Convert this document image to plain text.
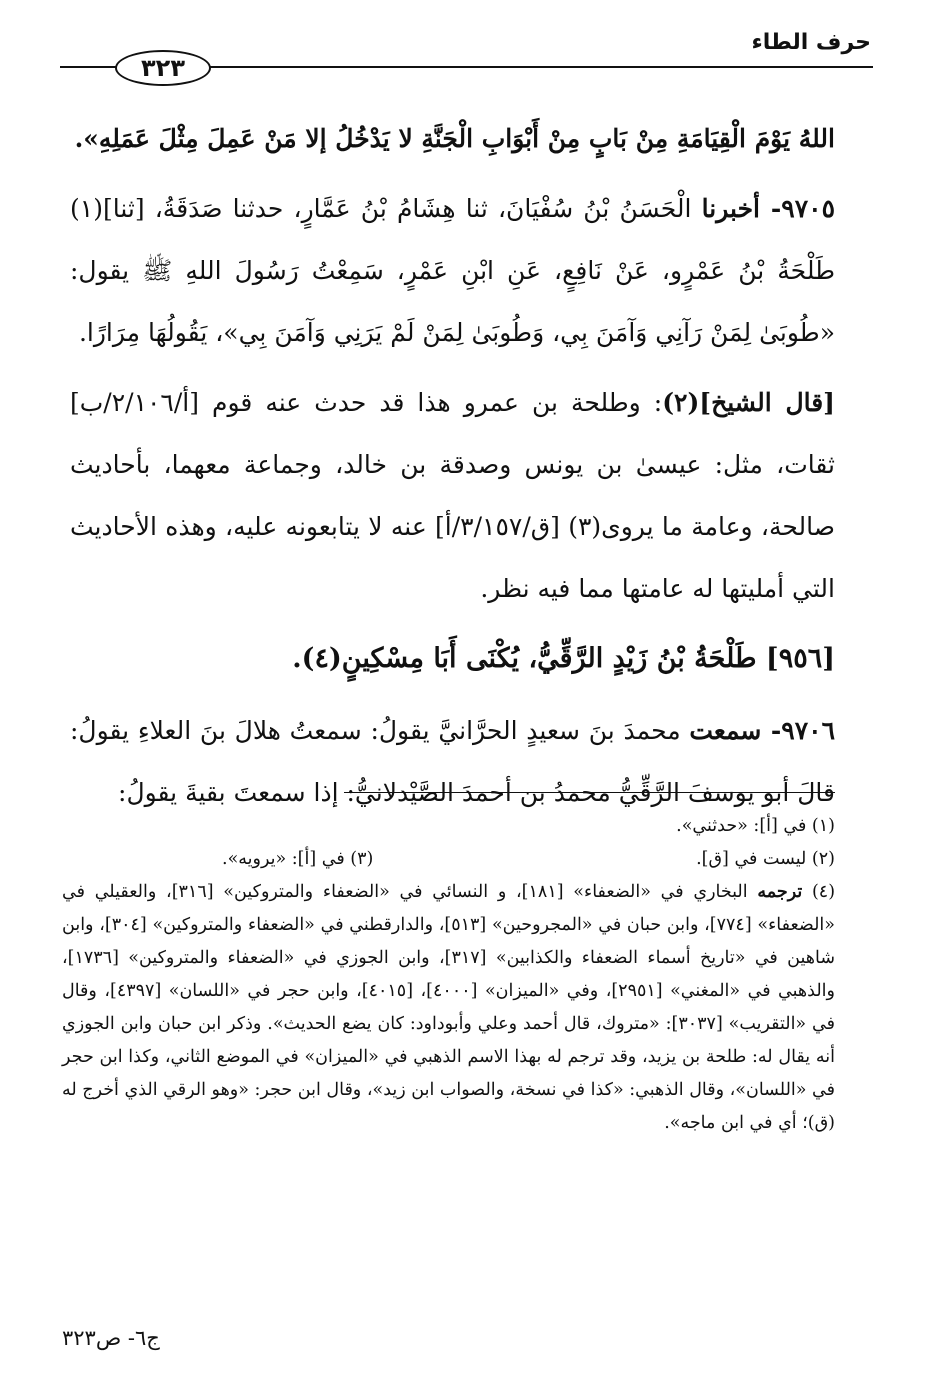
حرف الطاء
٣٢٣

اللهُ يَوْمَ الْقِيَامَةِ مِنْ بَابٍ مِنْ أَبْوَابِ الْجَنَّةِ لا يَدْخُلُ إلا مَنْ عَمِلَ مِثْلَ عَمَلِهِ».

٩٧٠٥- أخبرنا الْحَسَنُ بْنُ سُفْيَانَ، ثنا هِشَامُ بْنُ عَمَّارٍ، حدثنا صَدَقَةُ، [ثنا](١) طَلْحَةُ بْنُ عَمْرٍو، عَنْ نَافِعٍ، عَنِ ابْنِ عَمْرٍ، سَمِعْتُ رَسُولَ اللهِ ﷺ يقول: «طُوبَىٰ لِمَنْ رَآنِي وَآمَنَ بِي، وَطُوبَىٰ لِمَنْ لَمْ يَرَنِي وَآمَنَ بِي»، يَقُولُهَا مِرَارًا.

[قال الشيخ](٢): وطلحة بن عمرو هذا قد حدث عنه قوم [أ/٢/١٠٦/ب] ثقات، مثل: عيسىٰ بن يونس وصدقة بن خالد، وجماعة معهما، بأحاديث صالحة، وعامة ما يروى(٣) [ق/٣/١٥٧/أ] عنه لا يتابعونه عليه، وهذه الأحاديث التي أمليتها له عامتها مما فيه نظر.

[٩٥٦] طَلْحَةُ بْنُ زَيْدٍ الرَّقِّيُّ، يُكْنَى أَبَا مِسْكِينٍ(٤).

٩٧٠٦- سمعت محمدَ بنَ سعيدٍ الحرَّانيَّ يقولُ: سمعتُ هلالَ بنَ العلاءِ يقولُ: قالَ أبو يوسفَ الرَّقِّيُّ محمدُ بن أحمدَ الصَّيْدلانيُّ: إذا سمعتَ بقيةَ يقولُ:

(١) في [أ]: «حدثني».

(٢) ليست في [ق].
(٣) في [أ]: «يرويه».

(٤) ترجمه البخاري في «الضعفاء» [١٨١]، و النسائي في «الضعفاء والمتروكين» [٣١٦]، والعقيلي في «الضعفاء» [٧٧٤]، وابن حبان في «المجروحين» [٥١٣]، والدارقطني في «الضعفاء والمتروكين» [٣٠٤]، وابن شاهين في «تاريخ أسماء الضعفاء والكذابين» [٣١٧]، وابن الجوزي في «الضعفاء والمتروكين» [١٧٣٦]، والذهبي في «المغني» [٢٩٥١]، وفي «الميزان» [٤٠٠٠]، [٤٠١٥]، وابن حجر في «اللسان» [٤٣٩٧]، وقال في «التقريب» [٣٠٣٧]: «متروك، قال أحمد وعلي وأبوداود: كان يضع الحديث». وذكر ابن حبان وابن الجوزي أنه يقال له: طلحة بن يزيد، وقد ترجم له بهذا الاسم الذهبي في «الميزان» في الموضع الثاني، وكذا ابن حجر في «اللسان»، وقال الذهبي: «كذا في نسخة، والصواب ابن زيد»، وقال ابن حجر: «وهو الرقي الذي أخرج له (ق)؛ أي في ابن ماجه».

ج٦- ص٣٢٣
